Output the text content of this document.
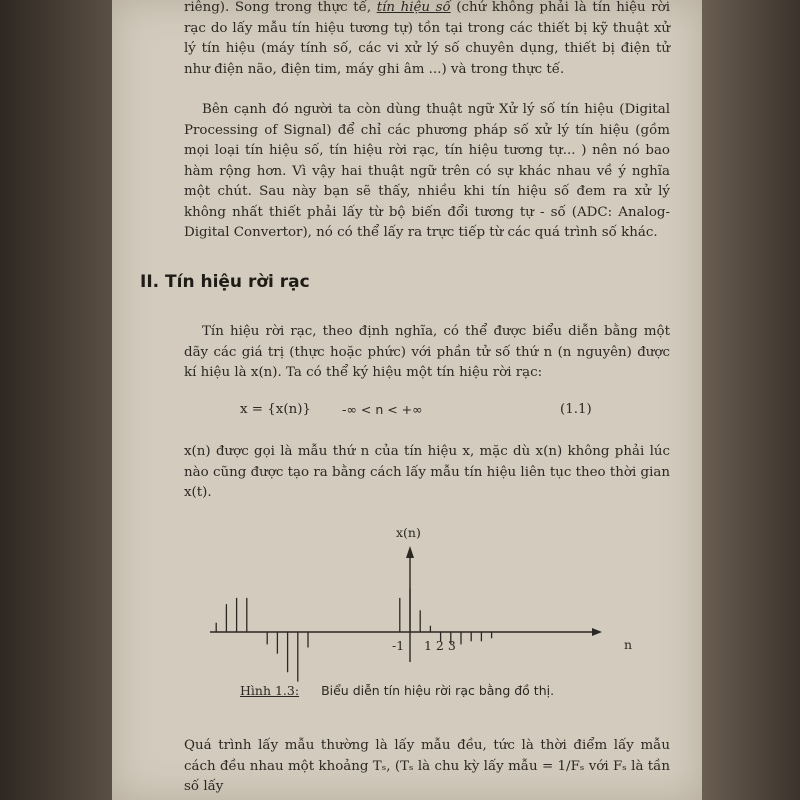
riêng). Song trong thực tế, tín hiệu số (chứ không phải là tín hiệu rời rạc do lấy mẫu tín hiệu tương tự) tồn tại trong các thiết bị kỹ thuật xử lý tín hiệu (máy tính số, các vi xử lý số chuyên dụng, thiết bị điện tử như điện não, điện tim, máy ghi âm ...) và trong thực tế.

Bên cạnh đó người ta còn dùng thuật ngữ Xử lý số tín hiệu (Digital Processing of Signal) để chỉ các phương pháp số xử lý tín hiệu (gồm mọi loại tín hiệu số, tín hiệu rời rạc, tín hiệu tương tự... ) nên nó bao hàm rộng hơn. Vì vậy hai thuật ngữ trên có sự khác nhau về ý nghĩa một chút. Sau này bạn sẽ thấy, nhiều khi tín hiệu số đem ra xử lý không nhất thiết phải lấy từ bộ biến đổi tương tự - số (ADC: Analog-Digital Convertor), nó có thể lấy ra trực tiếp từ các quá trình số khác.

II. Tín hiệu rời rạc

Tín hiệu rời rạc, theo định nghĩa, có thể được biểu diễn bằng một dãy các giá trị (thực hoặc phức) với phần tử số thứ n (n nguyên) được kí hiệu là x(n). Ta có thể ký hiệu một tín hiệu rời rạc:

x = {x(n)} -∞ < n < +∞	(1.1)

x(n) được gọi là mẫu thứ n của tín hiệu x, mặc dù x(n) không phải lúc nào cũng được tạo ra bằng cách lấy mẫu tín hiệu liên tục theo thời gian x(t).

x(n)
n
-1 1 2 3
Hình 1.3: Biểu diễn tín hiệu rời rạc bằng đồ thị.

Quá trình lấy mẫu thường là lấy mẫu đều, tức là thời điểm lấy mẫu cách đều nhau một khoảng Tₛ, (Tₛ là chu kỳ lấy mẫu = 1/Fₛ với Fₛ là tần số lấy
